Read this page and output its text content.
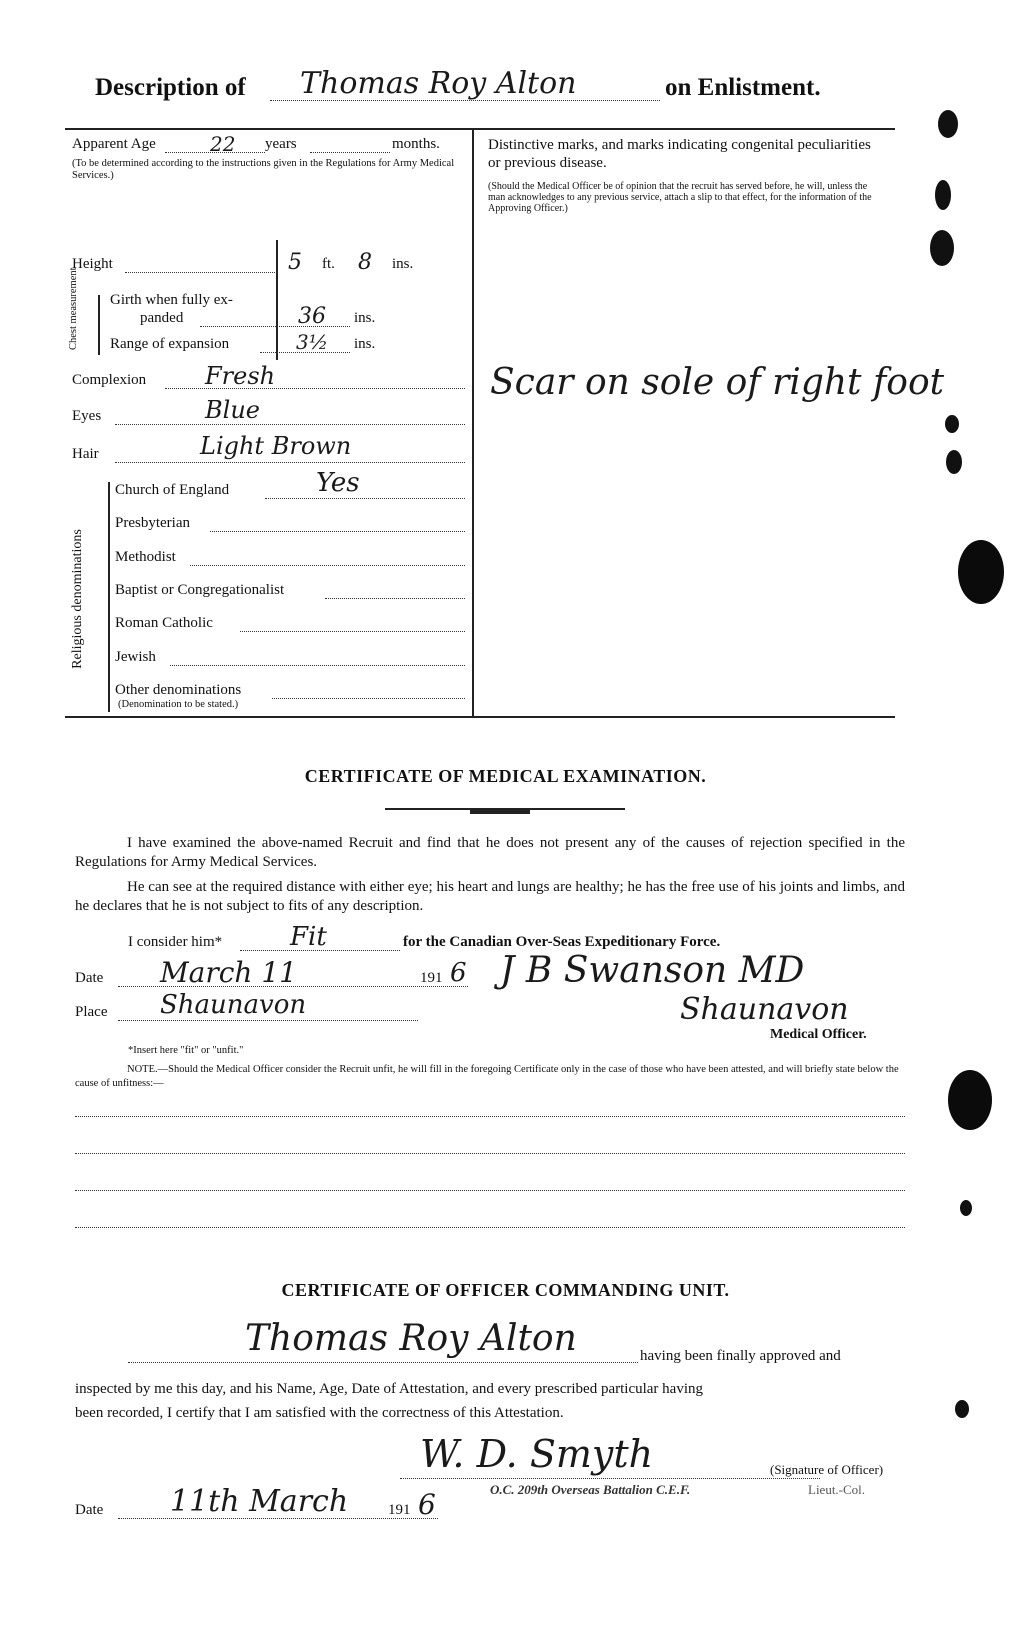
Description of Thomas Roy Alton	on Enlistment.
Apparent Age	22 years	months.
(To be determined according to the instructions given in the Regulations for Army Medical Services.)
Height	5 ft. 8 ins.
Chest measurement Girth when fully ex-
panded	36 ins.
Range of expansion	3½ ins.
Complexion Fresh
Eyes	Blue
Hair	Light Brown
Religious denominations
Church of England	Yes
Presbyterian
Methodist
Baptist or Congregationalist
Roman Catholic
Jewish
Other denominations
(Denomination to be stated.)
Distinctive marks, and marks indicating congenital peculiarities or previous disease.
(Should the Medical Officer be of opinion that the recruit has served before, he will, unless the man acknowledges to any previous service, attach a slip to that effect, for the information of the Approving Officer.)
Scar on sole of right foot
CERTIFICATE OF MEDICAL EXAMINATION.
I have examined the above-named Recruit and find that he does not present any of the causes of rejection specified in the Regulations for Army Medical Services.
He can see at the required distance with either eye; his heart and lungs are healthy; he has the free use of his joints and limbs, and he declares that he is not subject to fits of any description.
I consider him*	Fit	for the Canadian Over-Seas Expeditionary Force.
Date March 11	191 6 J B Swanson MD
Place Shaunavon	Shaunavon
Medical Officer.
*Insert here "fit" or "unfit."
NOTE.—Should the Medical Officer consider the Recruit unfit, he will fill in the foregoing Certificate only in the case of those who have been attested, and will briefly state below the cause of unfitness:—
CERTIFICATE OF OFFICER COMMANDING UNIT.
Thomas Roy Alton	having been finally approved and
inspected by me this day, and his Name, Age, Date of Attestation, and every prescribed particular having
been recorded, I certify that I am satisfied with the correctness of this Attestation.
W. D. Smyth	(Signature of Officer)
Lieut.-Col.
O.C. 209th Overseas Battalion C.E.F.
Date 11th March	191 6
